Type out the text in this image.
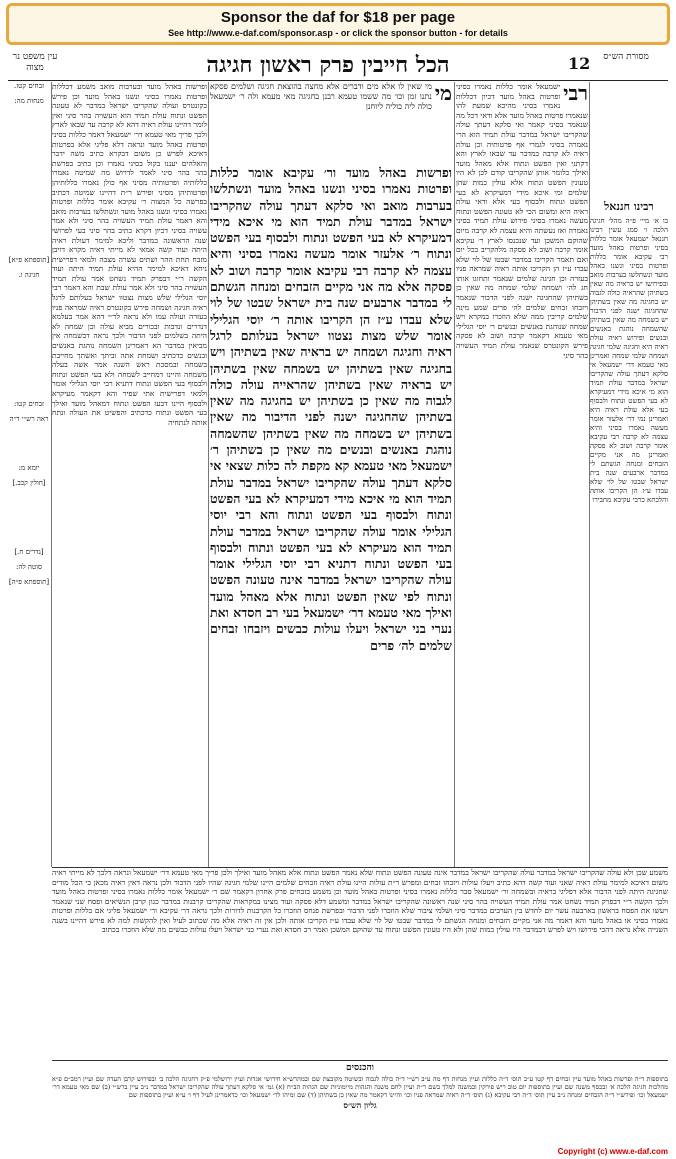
Sponsor the daf for $18 per page
See http://www.e-daf.com/sponsor.asp - or click the sponsor button - for details
עין משפט נר מצוה	הכל חייבין פרק ראשון חגיגה	12	מסורת הש״ס
זבחים קטז.
מנחות מה:
[תוספתא פ״א]
חגיגה ו.
זבחים קטו:
ראה רש״י ד״ה
יומא מ:
[חולין קכב.]
[נדרים ח.]
סוטה לה:
[תוספתא פ״ה]
ופרשות באהל מועד ובערבות מואב משמע דכללות ופרטות נאמרו בסיני ונשנו באהל מועד וכן פירש בקונטרס ועולה שהקריבו ישראל במדבר לא טעונה הפשט ונתוח עולת תמיד הוא העשויה בהר סיני ואין לומר דהיינו עולת ראיה דהא לא קרבה עד שבאו לארץ ולכך פריך מאי טעמא דר׳ ישמעאל דאמר כללות בסיני ופרטות באהל מועד ונראה דלא פליגי אלא בפרטות דאיכא לפרש כן משום דבקרא כתיב משה ידבר והאלהים יעננו בקול בסיני נאמרו וכן כתיב בפרשת בהר בהר סיני לאמר לדרוש מה שמיטה נאמרו כללותיה ופרטותיה מסיני אף כולן נאמרו כללותיהן ופרטותיהן מסיני ופירש ר״ת דהיינו שמיטה דכתיב בפרשה כל המצוה ר׳ עקיבא אומר כללות ופרטות נאמרו בסיני ונשנו באהל מועד ונשתלשו בערבות מואב והא דאמר עולת תמיד העשויה בהר סיני ולא אמר עשויה בסיני דכיון דקרא כתיב בהר סיני בעי לפרושי שנה הראשונה במדבר וליכא למימר דעולת ראיה היתה ועוד קשה אמאי לא מייתי ראיה מקרא דויבן מזבח תחת ההר ושתים עשרה מצבה ולמאי דפרישית ניחא דאיכא למימר ההיא עולת תמיד היתה ועוד הקשה ר״י דבפרק תמיד נשחט אמר עולת תמיד העשויה בהר סיני ולא אמר עולת שבת והא דאמר רבי יוסי הגלילי שלש מצות נצטוו ישראל בעלותם לרגל ראיה חגיגה ושמחה פירש בקונטרס ראיה שמראה פניו בעזרה ועולה עמו ולא נראה לר״י דהא אמר בעלמא דנדרים ונדבות ובכורים מביא עולה וכן שמחה לא היתה בשלמים לפני הדבור ולכך נראה דבשמחה אין מביאין במדבר הא דאמרינן השמחה נוהגת באנשים ובנשים כדכתיב ושמחת אתה וביתך ואשתך מחייבת בשמחה ובמסכת ראש השנה אמר אשה בעלה משמחה והיינו דמחייב לשמחה ולא בעי הפשט ונתוח ולבסוף בעי הפשט ונתוח דתניא רבי יוסי הגלילי אומר ולמאי דפרישית אתי שפיר והא דקאמר מעיקרא ולבסוף היינו דבעו הפשט ונתוח דמאהל מועד ואילך בעי הפשט ונתוח כדכתיב והפשיט את העולה ונתח אותה לנתחיה
מי
מי שאין לו אלא מים ודברים אלא מחצה בהוצאת חגיגה ושלמים פסקא נתנו זמן וכו׳ מה ששמו טעמא רבנן בחגיגה מאי מעמא ולה ר׳ ישמעאל כולה ליה כוליה ליוחנן
ופרשות באהל מועד ור׳ עקיבא אומר כללות ופרטות נאמרו בסיני ונשנו באהל מועד ונשתלשו בערבות מואב ואי סלקא דעתך עולה שהקריבו ישראל במדבר עולת תמיד הוא מי איכא מידי דמעיקרא לא בעי הפשט ונתוח ולבסוף בעי הפשט ונתוח ר׳ אלעזר אומר מעשה נאמרו בסיני והיא עצמה לא קרבה רבי עקיבא אומר קרבה ושוב לא פסקה אלא מה אני מקיים הזבחים ומנחה הגשתם לי במדבר ארבעים שנה בית ישראל שבטו של לוי שלא עבדו ע״ז הן הקריבו אותה ר׳ יוסי הגלילי אומר שלש מצות נצטוו ישראל בעלותם לרגל ראיה וחגיגה ושמחה יש בראיה שאין בשתיהן ויש בחגיגה שאין בשתיהן יש בשמחה שאין בשתיהן יש בראיה שאין בשתיהן שהראייה עולה כולה לגבוה מה שאין כן בשתיהן יש בחגיגה מה שאין בשתיהן שהחגיגה ישנה לפני הדיבור מה שאין בשתיהן יש בשמחה מה שאין בשתיהן שהשמחה נוהגת באנשים ובנשים מה שאין כן בשתיהן ר׳ ישמעאל מאי טעמא קא מקפת לה כלות שצאי אי סלקא דעתך עולה שהקריבו ישראל במדבר עולת תמיד הוא מי איכא מידי דמעיקרא לא בעי הפשט ונתוח ולבסוף בעי הפשט ונתוח והא רבי יוסי הגלילי אומר עולה שהקריבו ישראל במדבר עולת תמיד הוא מעיקרא לא בעי הפשט ונתוח ולבסוף בעי הפשט ונתוח דתניא רבי יוסי הגלילי אומר עולה שהקריבו ישראל במדבר אינה טעונה הפשט ונתוח לפי שאין הפשט ונתוח אלא מאהל מועד ואילך מאי טעמא דר׳ ישמעאל בעי רב חסדא ואת נערי בני ישראל ויעלו עולות כבשים ויזבחו זבחים שלמים לה׳ פרים
רבי
ישמעאל אומר כללות נאמרו בסיני ופרטות באהל מועד דכיון דכללות נאמרו בסיני מהיכא שמעת להו שנאמרו פרטות באהל מועד אלא ודאי דכל מה שנאמר בסיני קאמר ואי סלקא דעתך עולה שהקריבו ישראל במדבר עולת תמיד הוא הרי נאמרה בסיני לגמרי אף פרטותיה וכן עולת ראיה לא קרבה במדבר עד שבאו לארץ והא דקתני ואין הפשט ונתוח אלא מאהל מועד ואילך כלומר אותן שהקריבו קודם לכן לא היו טעונין הפשט ונתוח אלא עולין כמות שהן שלמים ומי איכא מידי דמעיקרא לא בעי הפשט ונתוח ולבסוף בעי אלא ודאי עולת ראיה היא ומשום הכי לא טעונה הפשט ונתוח מעשה נאמרו בסיני פירוש עולת תמיד בסיני נאמרה ואז נעשתה והיא עצמה לא קרבה מיום שהוקם המשכן ועד שנכנסו לארץ ר׳ עקיבא אומר קרבה ושוב לא פסקה מלהקריב בכל יום ואם תאמר הקריבו במדבר שבטו של לוי שלא עבדו ע״ז הן הקריבו אותה ראיה שמראה פניו בעזרה וכן חגיגה שלמים שנאמר ותחוגו אותו חג לה׳ ושמחה שלמי שמחה מה שאין כן בשתיהן שהחגיגה ישנה לפני הדבור שנאמר ויזבחו זבחים שלמים לה׳ פרים שמע מינה שלמים קריבין ממה שלא הוזכרו במקרא ויש שמחה שנוהגת באנשים ובנשים ר׳ יוסי הגלילי מאי טעמא דקאמר קרבה ושוב לא פסקה פירש הקונטרס שנאמר עולת תמיד העשויה בהר סיני
רבינו חננאל
בו א׳ מיי׳ פ״ה מהל׳ חגיגה הלכה ו׳ סמג עשין רבינו חננאל ישמעאל אומר כללות בסיני ופרטות באהל מועד רבי עקיבא אומר כללות ופרטות בסיני ונשנו באהל מועד ונשתלשו בערבות מואב ובפירושו יש בראיה מה שאין בשתיהן שהראיה כולה לגבוה יש בחגיגה מה שאין בשתיהן שהחגיגה ישנה לפני הדבור יש בשמחה מה שאין בשתיהן שהשמחה נוהגת באנשים ובנשים ופירוש ראיה עולת ראיה היא וחגיגה שלמי חגיגה ושמחה שלמי שמחה ואמרינן מאי טעמא דר׳ ישמעאל אי סלקא דעתך עולה שהקריבו ישראל במדבר עולת תמיד הוא מי איכא מידי דמעיקרא לא בעי הפשט ונתוח ולבסוף בעי אלא עולת ראיה היא ואמרינן נמי דר׳ אלעזר אומר מעשה נאמרו בסיני והיא עצמה לא קרבה רבי עקיבא אומר קרבה ושוב לא פסקה ואמרינן מה אני מקיים הזבחים ומנחה הגשתם לי במדבר ארבעים שנה בית ישראל שבטו של לוי שלא עבדו ע״ז הן הקריבו אותה והלכתא כרבי עקיבא מחבירו
משמע שכן ולא עולה שהקריבו ישראל במדבר עולה שהקריבו ישראל במדבר אינה טעונה הפשט ונתוח שלא נאמר הפשט ונתוח אלא מאהל מועד ואילך ולכן פריך מאי טעמא דר׳ ישמעאל ונראה דלכך לא מייתי ראיה משום דאיכא למימר עולת ראיה שאני ועוד קשה דהא כתיב ויעלו עולות ויזבחו זבחים ומפרש ר״ת עולות היינו עולת ראיה וזבחים שלמים היינו שלמי חגיגה שהיו לפני הדבור ולכן נראה דאין ראיה מכאן כי הכל מודים שחגיגה היתה לפני הדבור אלא דפליגי בראיה ובשמחה ור׳ ישמעאל סבר כללות נאמרו בסיני ופרטות באהל מועד וכן משמע בזבחים פרק אחרון דקאמר שם ר׳ ישמעאל אומר כללות נאמרו בסיני ופרטות באהל מועד ולכך הקשה ר״י דבפרק תמיד נשחט אמר עולת תמיד העשויה בהר סיני שנה ראשונה שהקריבו ישראל במדבר ומשמע דלא פסקה ועוד מצינו במקראות שהקריבו קרבנות במדבר כגון קרבן הנשיאים ופסח שני שנאמר ויעשו את הפסח בראשון בארבעה עשר יום לחדש בין הערבים במדבר סיני ושלמי ציבור שלא הוזכרו לפני הדבור ובפרשת פנחס הוזכרו כל הקרבנות לדורות ולכך נראה דר׳ עקיבא ור׳ ישמעאל פליגי אם כללות ופרטות נאמרו בסיני או באהל מועד והא דאמר מה אני מקיים הזבחים ומנחה הגשתם לי במדבר שבטו של לוי שלא עבדו ע״ז הקריבו אותה ולכן אין זה ראיה אלא מה שכתוב לעיל ואין להקשות למה לא פירש דהיינו בשנה השנייה אלא נראה דהכי פירושו ויש לפרש דבמדבר היו עולין כמות שהן ולא היו טעונין הפשט ונתוח עד שהוקם המשכן ואמר רב חסדא ואת נערי בני ישראל ויעלו עולות כבשים מה שלא הוזכרו בכתוב
והכנסים
בתוספות ד״ה ופרשות באהל מועד עיין זבחים דף קטו ע״ב תוס׳ ד״ה כללות ועיין מנחות דף מה ע״ב רש״י ד״ה כולה לגבוה ובשיטה מקובצת שם ובמהרש״א חידושי אגדות ועיין ירושלמי פ״ק דחגיגה הלכה ב׳ ובפירוש קרבן העדה שם ועיין רמב״ם פ״א מהלכות חגיגה הלכה א׳ ובכסף משנה שם ועיין בתוספות יום טוב ריש פירקין ובמשנה למלך בשם ר״ת ועיין לחם משנה והגהות מיימוניות שם הגהות הב״ח (א) גמ׳ אי סלקא דעתך עולה שהקריבו ישראל במדבר נ״ב עיין ברש״י (ב) שם מאי טעמא דר׳ ישמעאל וכו׳ ופירש״י ד״ה הזבחים ומנחה נ״ב עיין תוס׳ ד״ה רבי עקיבא (ג) תוס׳ ד״ה ראיה שמראה פניו וכו׳ והיינו דקאמר מה שאין כן בשתיהן (ד) שם ומיהו לר׳ ישמעאל וכו׳ כדאמרינן לעיל דף ו׳ ע״א ועיין בתוספות שם
גליון הש״ס
Copyright (c) www.e-daf.com
